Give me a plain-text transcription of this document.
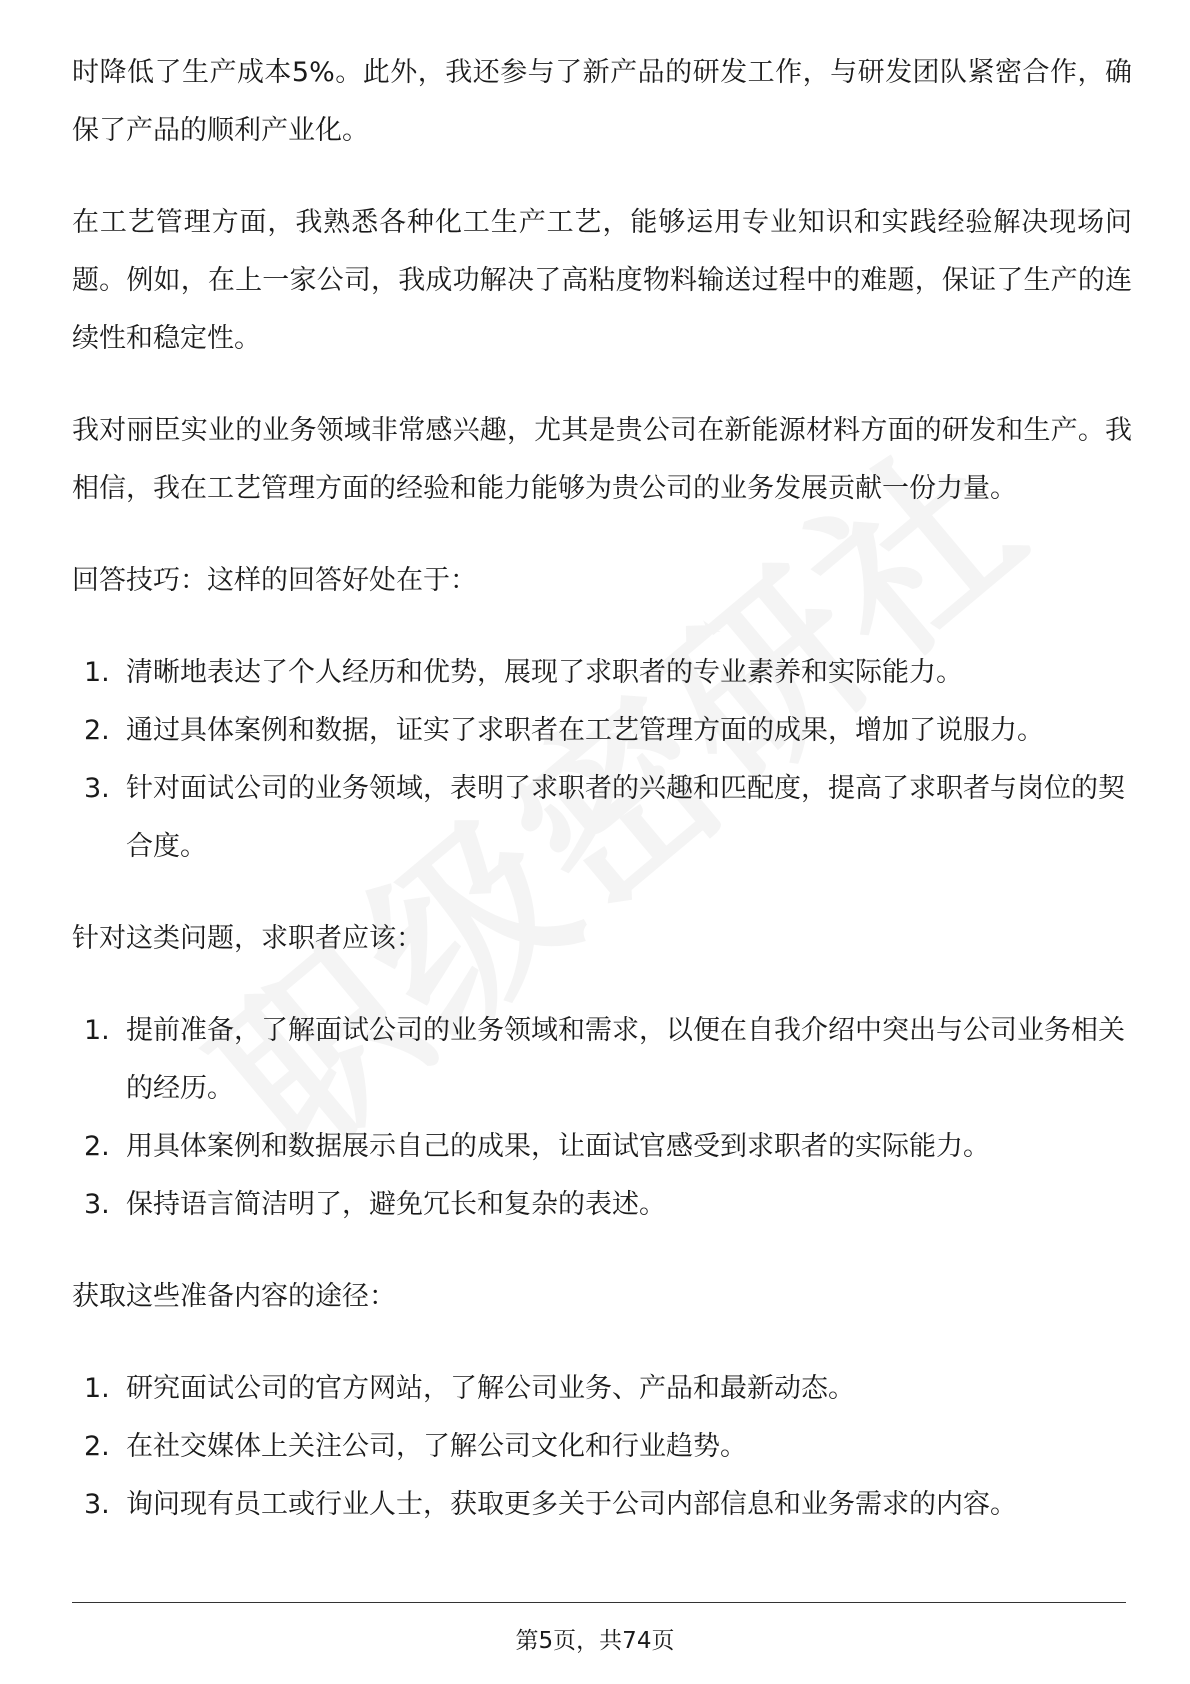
时降低了生产成本5%。此外，我还参与了新产品的研发工作，与研发团队紧密合作，确保了产品的顺利产业化。

在工艺管理方面，我熟悉各种化工生产工艺，能够运用专业知识和实践经验解决现场问题。例如，在上一家公司，我成功解决了高粘度物料输送过程中的难题，保证了生产的连续性和稳定性。

我对丽臣实业的业务领域非常感兴趣，尤其是贵公司在新能源材料方面的研发和生产。我相信，我在工艺管理方面的经验和能力能够为贵公司的业务发展贡献一份力量。

回答技巧：这样的回答好处在于：

1. 清晰地表达了个人经历和优势，展现了求职者的专业素养和实际能力。
2. 通过具体案例和数据，证实了求职者在工艺管理方面的成果，增加了说服力。
3. 针对面试公司的业务领域，表明了求职者的兴趣和匹配度，提高了求职者与岗位的契合度。

针对这类问题，求职者应该：

1. 提前准备，了解面试公司的业务领域和需求，以便在自我介绍中突出与公司业务相关的经历。
2. 用具体案例和数据展示自己的成果，让面试官感受到求职者的实际能力。
3. 保持语言简洁明了，避免冗长和复杂的表述。

获取这些准备内容的途径：

1. 研究面试公司的官方网站，了解公司业务、产品和最新动态。
2. 在社交媒体上关注公司，了解公司文化和行业趋势。
3. 询问现有员工或行业人士，获取更多关于公司内部信息和业务需求的内容。
第5页，共74页
